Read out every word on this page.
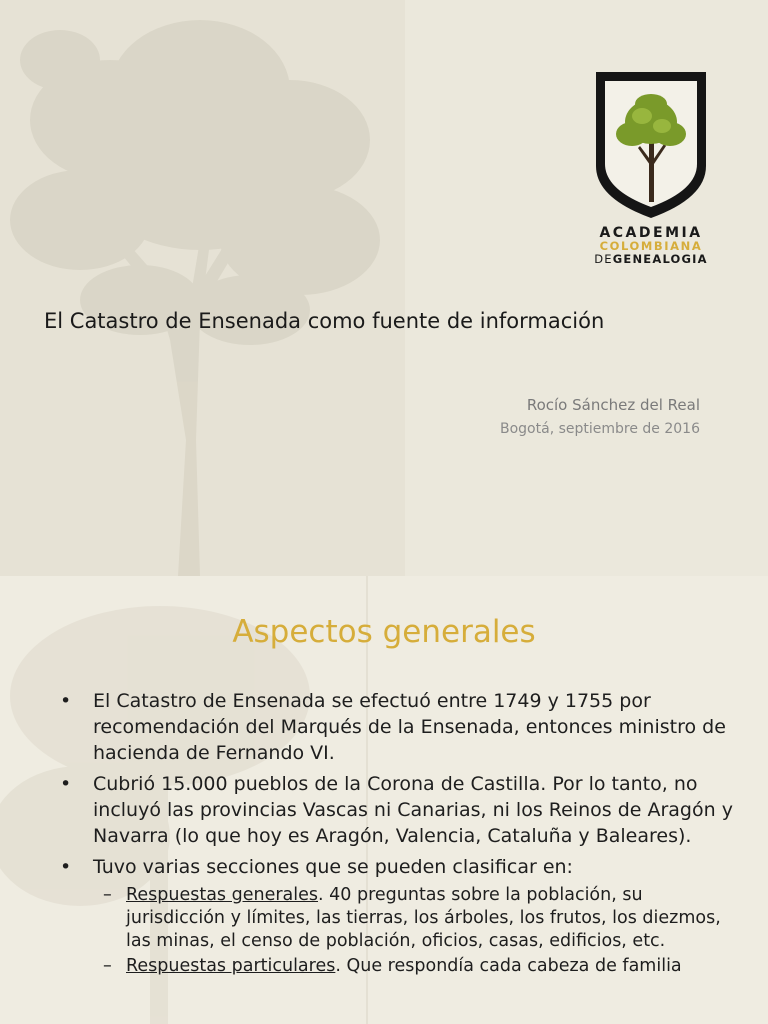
ACADEMIA
COLOMBIANA
DEGENEALOGIA
El Catastro de Ensenada como fuente de información
Rocío Sánchez del Real
Bogotá, septiembre de 2016
Aspectos generales
• El Catastro de Ensenada se efectuó entre 1749 y 1755 por recomendación del Marqués de la Ensenada, entonces ministro de hacienda de Fernando VI.
• Cubrió 15.000 pueblos de la Corona de Castilla. Por lo tanto, no incluyó las provincias Vascas ni Canarias, ni los Reinos de Aragón y Navarra (lo que hoy es Aragón, Valencia, Cataluña y Baleares).
• Tuvo varias secciones que se pueden clasificar en:
– Respuestas generales. 40 preguntas sobre la población, su jurisdicción y límites, las tierras, los árboles, los frutos, los diezmos, las minas, el censo de población, oficios, casas, edificios, etc.
– Respuestas particulares. Que respondía cada cabeza de familia
